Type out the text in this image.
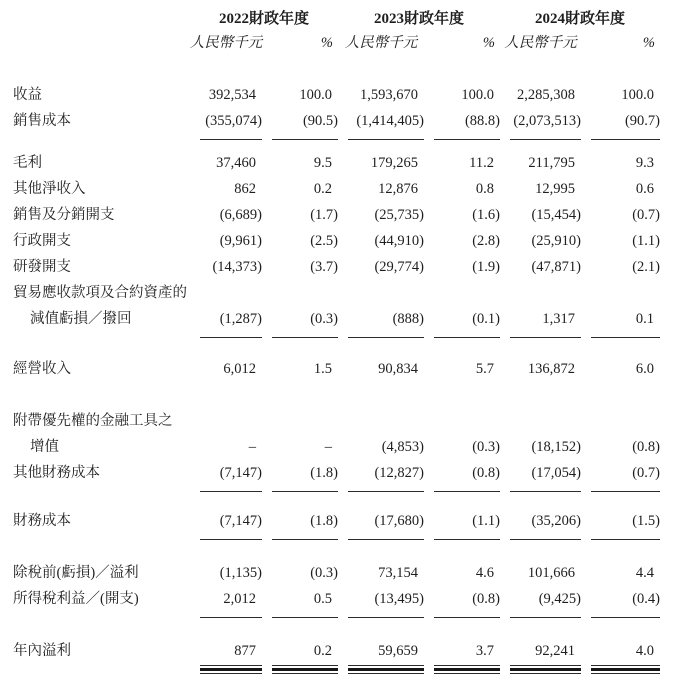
2022財政年度	2023財政年度	2024財政年度
人民幣千元	% 人民幣千元	% 人民幣千元	%
收益	392,534	100.0	1,593,670	100.0	2,285,308	100.0
銷售成本	(355,074)	(90.5)	(1,414,405)	(88.8) (2,073,513)	(90.7)
毛利	37,460	9.5	179,265	11.2	211,795	9.3
其他淨收入	862	0.2	12,876	0.8	12,995	0.6
銷售及分銷開支	(6,689)	(1.7)	(25,735)	(1.6)	(15,454)	(0.7)
行政開支	(9,961)	(2.5)	(44,910)	(2.8)	(25,910)	(1.1)
研發開支	(14,373)	(3.7)	(29,774)	(1.9)	(47,871)	(2.1)
貿易應收款項及合約資產的
減值虧損／撥回	(1,287)	(0.3)	(888)	(0.1)	1,317	0.1
經營收入	6,012	1.5	90,834	5.7	136,872	6.0
附帶優先權的金融工具之
增值	–	–	(4,853)	(0.3)	(18,152)	(0.8)
其他財務成本	(7,147)	(1.8)	(12,827)	(0.8)	(17,054)	(0.7)
財務成本	(7,147)	(1.8)	(17,680)	(1.1)	(35,206)	(1.5)
除稅前(虧損)／溢利	(1,135)	(0.3)	73,154	4.6	101,666	4.4
所得稅利益／(開支)	2,012	0.5	(13,495)	(0.8)	(9,425)	(0.4)
年內溢利	877	0.2	59,659	3.7	92,241	4.0
